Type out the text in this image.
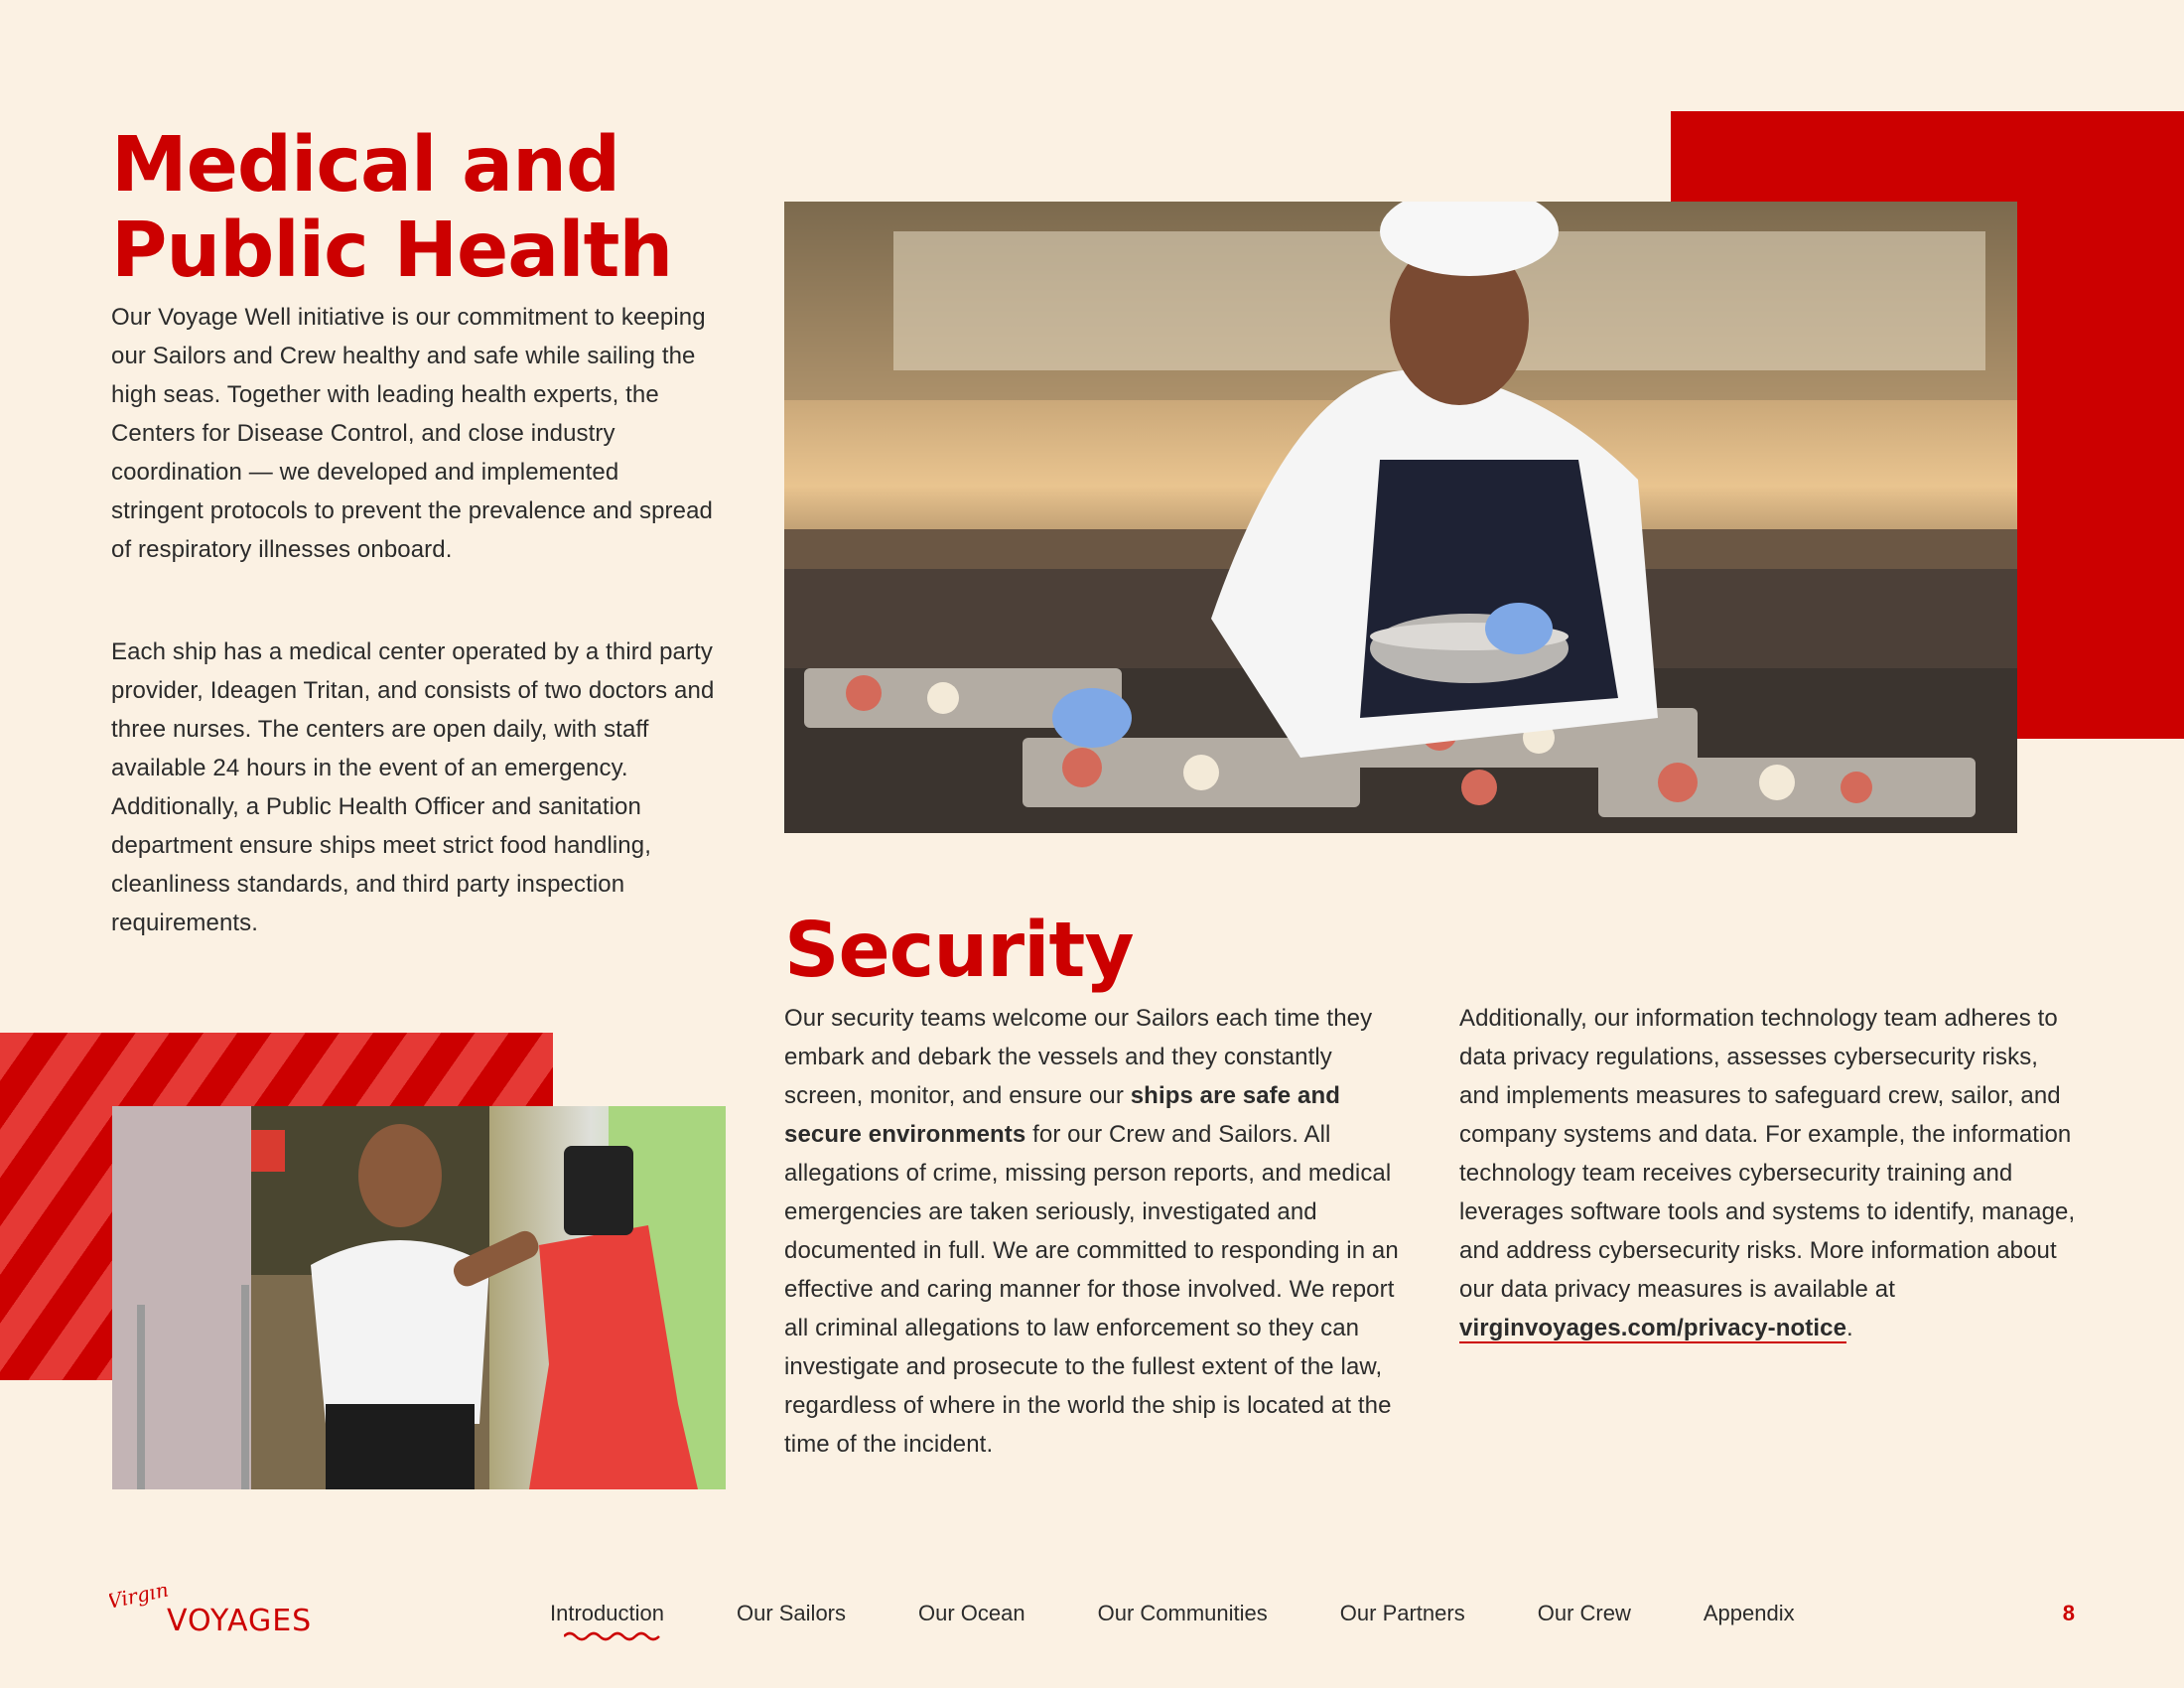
Medical and Public Health

Our Voyage Well initiative is our commitment to keeping our Sailors and Crew healthy and safe while sailing the high seas. Together with leading health experts, the Centers for Disease Control, and close industry coordination — we developed and implemented stringent protocols to prevent the prevalence and spread of respiratory illnesses onboard.

Each ship has a medical center operated by a third party provider, Ideagen Tritan, and consists of two doctors and three nurses. The centers are open daily, with staff available 24 hours in the event of an emergency. Additionally, a Public Health Officer and sanitation department ensure ships meet strict food handling, cleanliness standards, and third party inspection requirements.	Security

Our security teams welcome our Sailors each time they embark and debark the vessels and they constantly screen, monitor, and ensure our ships are safe and secure environments for our Crew and Sailors. All allegations of crime, missing person reports, and medical emergencies are taken seriously, investigated and documented in full. We are committed to responding in an effective and caring manner for those involved. We report all criminal allegations to law enforcement so they can investigate and prosecute to the fullest extent of the law, regardless of where in the world the ship is located at the time of the incident.

Additionally, our information technology team adheres to data privacy regulations, assesses cybersecurity risks, and implements measures to safeguard crew, sailor, and company systems and data. For example, the information technology team receives cybersecurity training and leverages software tools and systems to identify, manage, and address cybersecurity risks. More information about our data privacy measures is available at virginvoyages.com/privacy-notice.

Virgin
VOYAGES	Introduction	Our Sailors	Our Ocean	Our Communities	Our Partners	Our Crew	Appendix	8
